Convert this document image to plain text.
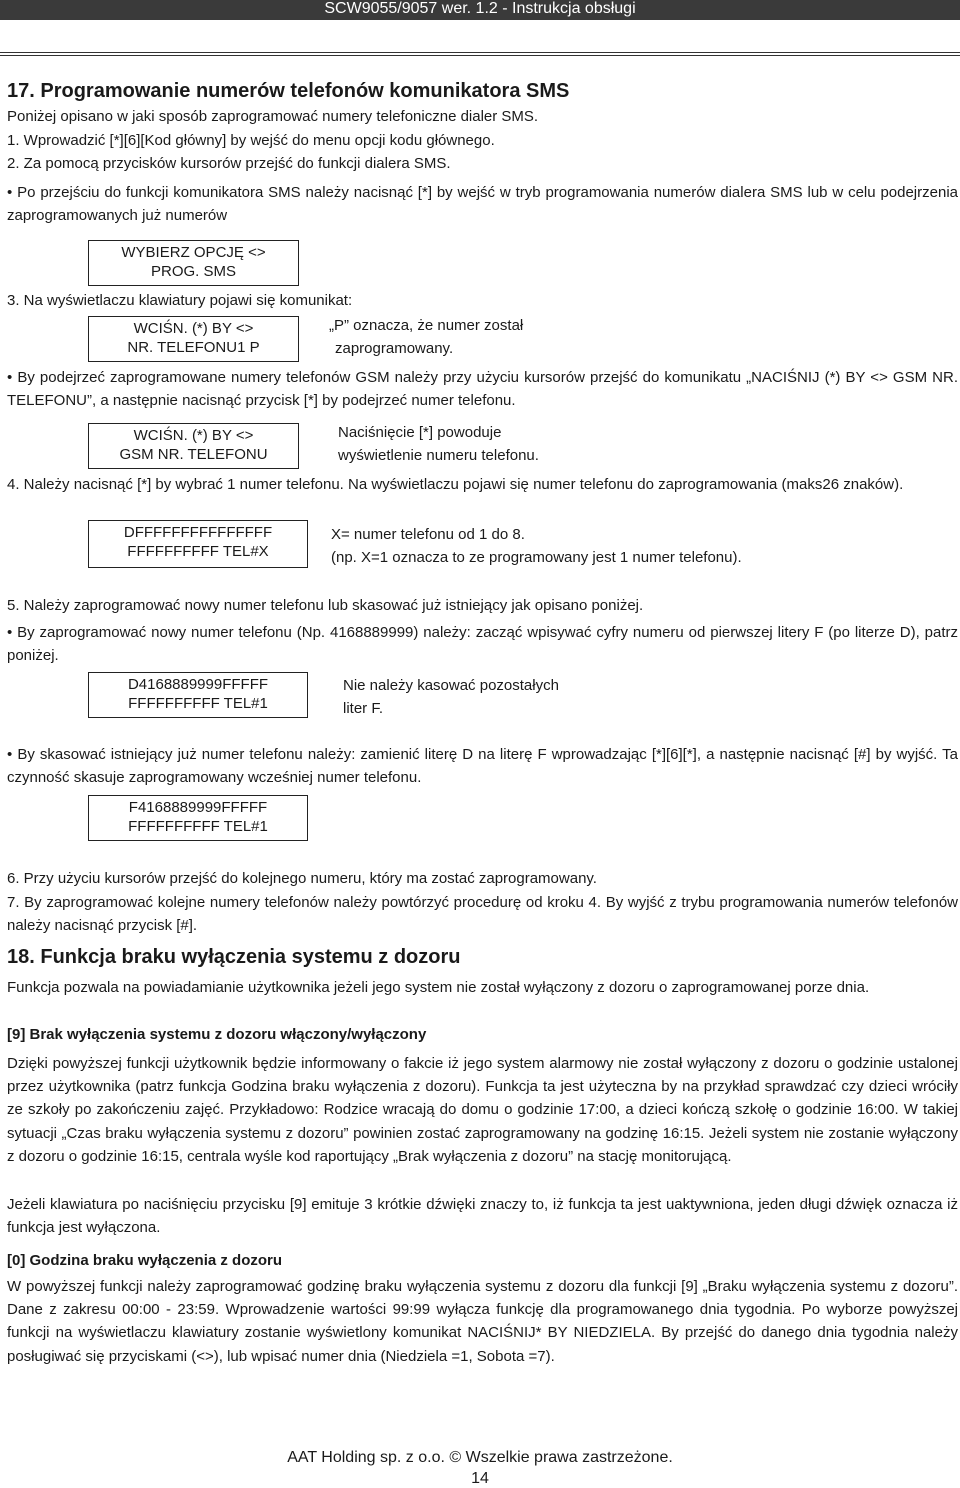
SCW9055/9057 wer. 1.2 - Instrukcja obsługi
17. Programowanie numerów telefonów komunikatora SMS
Poniżej opisano w jaki sposób zaprogramować numery telefoniczne dialer SMS.
1. Wprowadzić [*][6][Kod główny] by wejść do menu opcji kodu głównego.
2. Za pomocą przycisków kursorów przejść do funkcji dialera SMS.
• Po przejściu do funkcji komunikatora SMS należy nacisnąć [*] by wejść w tryb programowania numerów dialera SMS lub w celu podejrzenia zaprogramowanych już numerów
WYBIERZ OPCJĘ <>
PROG. SMS
3. Na wyświetlaczu klawiatury pojawi się komunikat:
WCIŚN. (*) BY <>
NR. TELEFONU1 P
„P” oznacza, że numer został
zaprogramowany.
• By podejrzeć zaprogramowane numery telefonów GSM należy przy użyciu kursorów przejść do komunikatu „NACIŚNIJ (*) BY <> GSM NR. TELEFONU”, a następnie nacisnąć przycisk [*] by podejrzeć numer telefonu.
WCIŚN. (*) BY <>
GSM NR. TELEFONU
Naciśnięcie [*] powoduje
wyświetlenie numeru telefonu.
4. Należy nacisnąć [*] by wybrać 1 numer telefonu. Na wyświetlaczu pojawi się numer telefonu do zaprogramowania (maks26 znaków).
DFFFFFFFFFFFFFFF
FFFFFFFFFF TEL#X
X= numer telefonu od 1 do 8.
(np. X=1 oznacza to ze programowany jest 1 numer telefonu).
5. Należy zaprogramować nowy numer telefonu lub skasować już istniejący jak opisano poniżej.
• By zaprogramować nowy numer telefonu (Np. 4168889999) należy: zacząć wpisywać cyfry numeru od pierwszej litery F (po literze D), patrz poniżej.
D4168889999FFFFF
FFFFFFFFFF TEL#1
Nie należy kasować pozostałych
liter F.
• By skasować istniejący już numer telefonu należy: zamienić literę D na literę F wprowadzając [*][6][*], a następnie nacisnąć [#] by wyjść. Ta czynność skasuje zaprogramowany wcześniej numer telefonu.
F4168889999FFFFF
FFFFFFFFFF TEL#1
6. Przy użyciu kursorów przejść do kolejnego numeru, który ma zostać zaprogramowany.
7. By zaprogramować kolejne numery telefonów należy powtórzyć procedurę od kroku 4. By wyjść z trybu programowania numerów telefonów należy nacisnąć przycisk [#].
18. Funkcja braku wyłączenia systemu z dozoru
Funkcja pozwala na powiadamianie użytkownika jeżeli jego system nie został wyłączony z dozoru o zaprogramowanej porze dnia.
[9] Brak wyłączenia systemu z dozoru włączony/wyłączony
Dzięki powyższej funkcji użytkownik będzie informowany o fakcie iż jego system alarmowy nie został wyłączony z dozoru o godzinie ustalonej przez użytkownika (patrz funkcja Godzina braku wyłączenia z dozoru). Funkcja ta jest użyteczna by na przykład sprawdzać czy dzieci wróciły ze szkoły po zakończeniu zajęć. Przykładowo: Rodzice wracają do domu o godzinie 17:00, a dzieci kończą szkołę o godzinie 16:00. W takiej sytuacji „Czas braku wyłączenia systemu z dozoru” powinien zostać zaprogramowany na godzinę 16:15. Jeżeli system nie zostanie wyłączony z dozoru o godzinie 16:15, centrala wyśle kod raportujący „Brak wyłączenia z dozoru” na stację monitorującą.
Jeżeli klawiatura po naciśnięciu przycisku [9] emituje 3 krótkie dźwięki znaczy to, iż funkcja ta jest uaktywniona, jeden długi dźwięk oznacza iż funkcja jest wyłączona.
[0] Godzina braku wyłączenia z dozoru
W powyższej funkcji należy zaprogramować godzinę braku wyłączenia systemu z dozoru dla funkcji [9] „Braku wyłączenia systemu z dozoru”. Dane z zakresu 00:00 - 23:59. Wprowadzenie wartości 99:99 wyłącza funkcję dla programowanego dnia tygodnia. Po wyborze powyższej funkcji na wyświetlaczu klawiatury zostanie wyświetlony komunikat NACIŚNIJ* BY NIEDZIELA. By przejść do danego dnia tygodnia należy posługiwać się przyciskami (<>), lub wpisać numer dnia (Niedziela =1, Sobota =7).
AAT Holding sp. z o.o. © Wszelkie prawa zastrzeżone.
14
